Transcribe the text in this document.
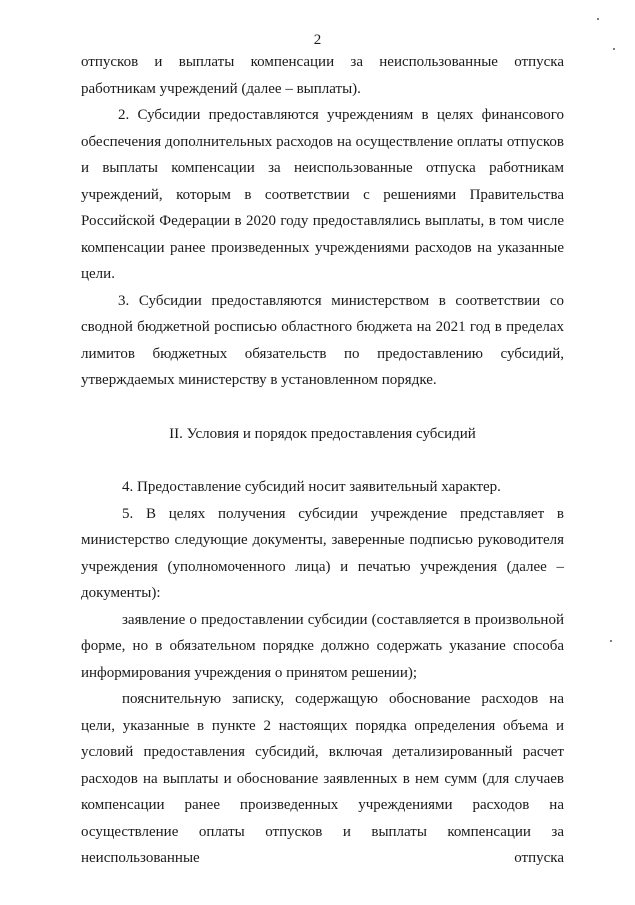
2

отпусков и выплаты компенсации за неиспользованные отпуска работникам учреждений (далее – выплаты).

2. Субсидии предоставляются учреждениям в целях финансового обеспечения дополнительных расходов на осуществление оплаты отпусков и выплаты компенсации за неиспользованные отпуска работникам учреждений, которым в соответствии с решениями Правительства Российской Федерации в 2020 году предоставлялись выплаты, в том числе компенсации ранее произведенных учреждениями расходов на указанные цели.

3. Субсидии предоставляются министерством в соответствии со сводной бюджетной росписью областного бюджета на 2021 год в пределах лимитов бюджетных обязательств по предоставлению субсидий, утверждаемых министерству в установленном порядке.

II. Условия и порядок предоставления субсидий

4. Предоставление субсидий носит заявительный характер.

5. В целях получения субсидии учреждение представляет в министерство следующие документы, заверенные подписью руководителя учреждения (уполномоченного лица) и печатью учреждения (далее – документы):

заявление о предоставлении субсидии (составляется в произвольной форме, но в обязательном порядке должно содержать указание способа информирования учреждения о принятом решении);

пояснительную записку, содержащую обоснование расходов на цели, указанные в пункте 2 настоящих порядка определения объема и условий предоставления субсидий, включая детализированный расчет расходов на выплаты и обоснование заявленных в нем сумм (для случаев компенсации ранее произведенных учреждениями расходов на осуществление оплаты отпусков и выплаты компенсации за неиспользованные отпуска
